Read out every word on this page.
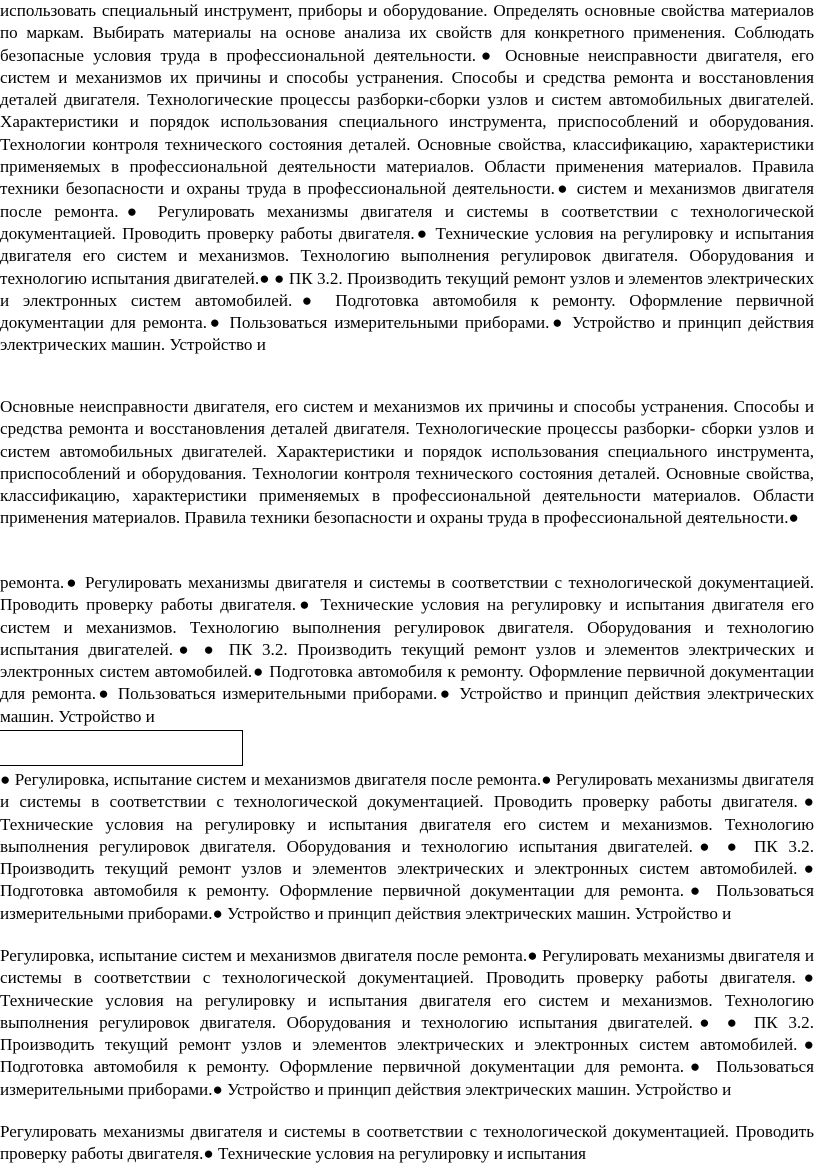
использовать специальный инструмент, приборы и оборудование. Определять основные свойства материалов по маркам. Выбирать материалы на основе анализа их свойств для конкретного применения. Соблюдать безопасные условия труда в профессиональной деятельности.● Основные неисправности двигателя, его систем и механизмов их причины и способы устранения. Способы и средства ремонта и восстановления деталей двигателя. Технологические процессы разборки-сборки узлов и систем автомобильных двигателей. Характеристики и порядок использования специального инструмента, приспособлений и оборудования. Технологии контроля технического состояния деталей. Основные свойства, классификацию, характеристики применяемых в профессиональной деятельности материалов. Области применения материалов. Правила техники безопасности и охраны труда в профессиональной деятельности.● систем и механизмов двигателя после ремонта.● Регулировать механизмы двигателя и системы в соответствии с технологической документацией. Проводить проверку работы двигателя.● Технические условия на регулировку и испытания двигателя его систем и механизмов. Технологию выполнения регулировок двигателя. Оборудования и технологию испытания двигателей.● ● ПК 3.2. Производить текущий ремонт узлов и элементов электрических и электронных систем автомобилей.● Подготовка автомобиля к ремонту. Оформление первичной документации для ремонта.● Пользоваться измерительными приборами.● Устройство и принцип действия электрических машин. Устройство и

Основные неисправности двигателя, его систем и механизмов их причины и способы устранения. Способы и средства ремонта и восстановления деталей двигателя. Технологические процессы разборки- сборки узлов и систем автомобильных двигателей. Характеристики и порядок использования специального инструмента, приспособлений и оборудования. Технологии контроля технического состояния деталей. Основные свойства, классификацию, характеристики применяемых в профессиональной деятельности материалов. Области применения материалов. Правила техники безопасности и охраны труда в профессиональной деятельности.●

ремонта.● Регулировать механизмы двигателя и системы в соответствии с технологической документацией. Проводить проверку работы двигателя.● Технические условия на регулировку и испытания двигателя его систем и механизмов. Технологию выполнения регулировок двигателя. Оборудования и технологию испытания двигателей.● ● ПК 3.2. Производить текущий ремонт узлов и элементов электрических и электронных систем автомобилей.● Подготовка автомобиля к ремонту. Оформление первичной документации для ремонта.● Пользоваться измерительными приборами.● Устройство и принцип действия электрических машин. Устройство и

● Регулировка, испытание систем и механизмов двигателя после ремонта.● Регулировать механизмы двигателя и системы в соответствии с технологической документацией. Проводить проверку работы двигателя.● Технические условия на регулировку и испытания двигателя его систем и механизмов. Технологию выполнения регулировок двигателя. Оборудования и технологию испытания двигателей.● ● ПК 3.2. Производить текущий ремонт узлов и элементов электрических и электронных систем автомобилей.● Подготовка автомобиля к ремонту. Оформление первичной документации для ремонта.● Пользоваться измерительными приборами.● Устройство и принцип действия электрических машин. Устройство и

Регулировка, испытание систем и механизмов двигателя после ремонта.● Регулировать механизмы двигателя и системы в соответствии с технологической документацией. Проводить проверку работы двигателя.● Технические условия на регулировку и испытания двигателя его систем и механизмов. Технологию выполнения регулировок двигателя. Оборудования и технологию испытания двигателей.● ● ПК 3.2. Производить текущий ремонт узлов и элементов электрических и электронных систем автомобилей.● Подготовка автомобиля к ремонту. Оформление первичной документации для ремонта.● Пользоваться измерительными приборами.● Устройство и принцип действия электрических машин. Устройство и

Регулировать механизмы двигателя и системы в соответствии с технологической документацией. Проводить проверку работы двигателя.● Технические условия на регулировку и испытания
